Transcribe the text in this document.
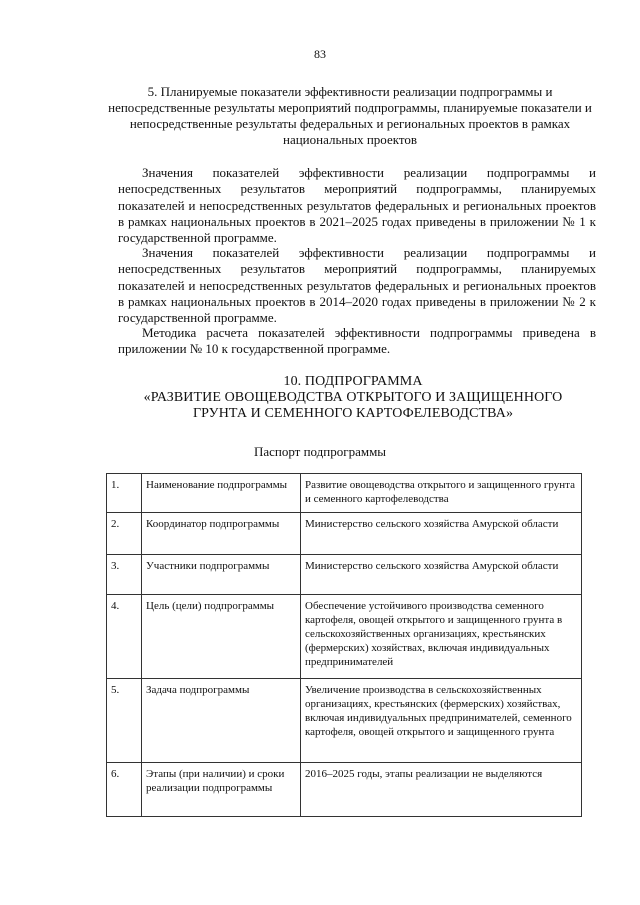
83
5. Планируемые показатели эффективности реализации подпрограммы и непосредственные результаты мероприятий подпрограммы, планируемые показатели и непосредственные результаты федеральных и региональных проектов в рамках национальных проектов
Значения показателей эффективности реализации подпрограммы и непосредственных результатов мероприятий подпрограммы, планируемых показателей и непосредственных результатов федеральных и региональных проектов в рамках национальных проектов в 2021–2025 годах приведены в приложении № 1 к государственной программе.
Значения показателей эффективности реализации подпрограммы и непосредственных результатов мероприятий подпрограммы, планируемых показателей и непосредственных результатов федеральных и региональных проектов в рамках национальных проектов в 2014–2020 годах приведены в приложении № 2 к государственной программе.
Методика расчета показателей эффективности подпрограммы приведена в приложении № 10 к государственной программе.
10. ПОДПРОГРАММА
«РАЗВИТИЕ ОВОЩЕВОДСТВА ОТКРЫТОГО И ЗАЩИЩЕННОГО
ГРУНТА И СЕМЕННОГО КАРТОФЕЛЕВОДСТВА»
Паспорт подпрограммы
1.	Наименование подпрограммы	Развитие овощеводства открытого и защищенного грунта и семенного картофелеводства
2.	Координатор подпрограммы	Министерство сельского хозяйства Амурской области
3.	Участники подпрограммы	Министерство сельского хозяйства Амурской области
4.	Цель (цели) подпрограммы	Обеспечение устойчивого производства семенного картофеля, овощей открытого и защищенного грунта в сельскохозяйственных организациях, крестьянских (фермерских) хозяйствах, включая индивидуальных предпринимателей
5.	Задача подпрограммы	Увеличение производства в сельскохозяйственных организациях, крестьянских (фермерских) хозяйствах, включая индивидуальных предпринимателей, семенного картофеля, овощей открытого и защищенного грунта
6.	Этапы (при наличии) и сроки реализации подпрограммы	2016–2025 годы, этапы реализации не выделяются
